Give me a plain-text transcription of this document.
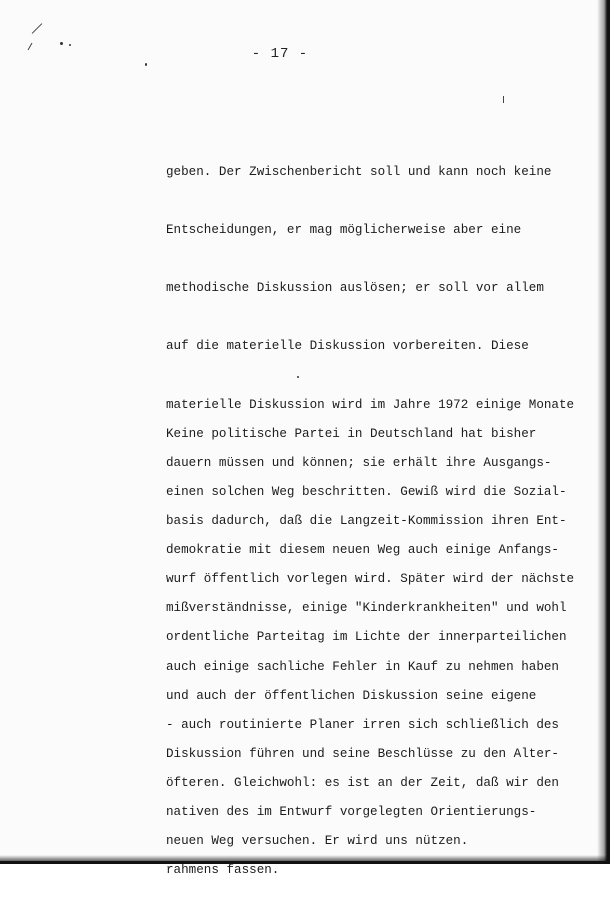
- 17 -

geben. Der Zwischenbericht soll und kann noch keine

Entscheidungen, er mag möglicherweise aber eine

methodische Diskussion auslösen; er soll vor allem

auf die materielle Diskussion vorbereiten. Diese

materielle Diskussion wird im Jahre 1972 einige Monate

dauern müssen und können; sie erhält ihre Ausgangs-

basis dadurch, daß die Langzeit-Kommission ihren Ent-

wurf öffentlich vorlegen wird. Später wird der nächste

ordentliche Parteitag im Lichte der innerparteilichen

und auch der öffentlichen Diskussion seine eigene

Diskussion führen und seine Beschlüsse zu den Alter-

nativen des im Entwurf vorgelegten Orientierungs-

rahmens fassen.

Keine politische Partei in Deutschland hat bisher

einen solchen Weg beschritten. Gewiß wird die Sozial-

demokratie mit diesem neuen Weg auch einige Anfangs-

mißverständnisse, einige "Kinderkrankheiten" und wohl

auch einige sachliche Fehler in Kauf zu nehmen haben

- auch routinierte Planer irren sich schließlich des

öfteren. Gleichwohl: es ist an der Zeit, daß wir den

neuen Weg versuchen. Er wird uns nützen.
